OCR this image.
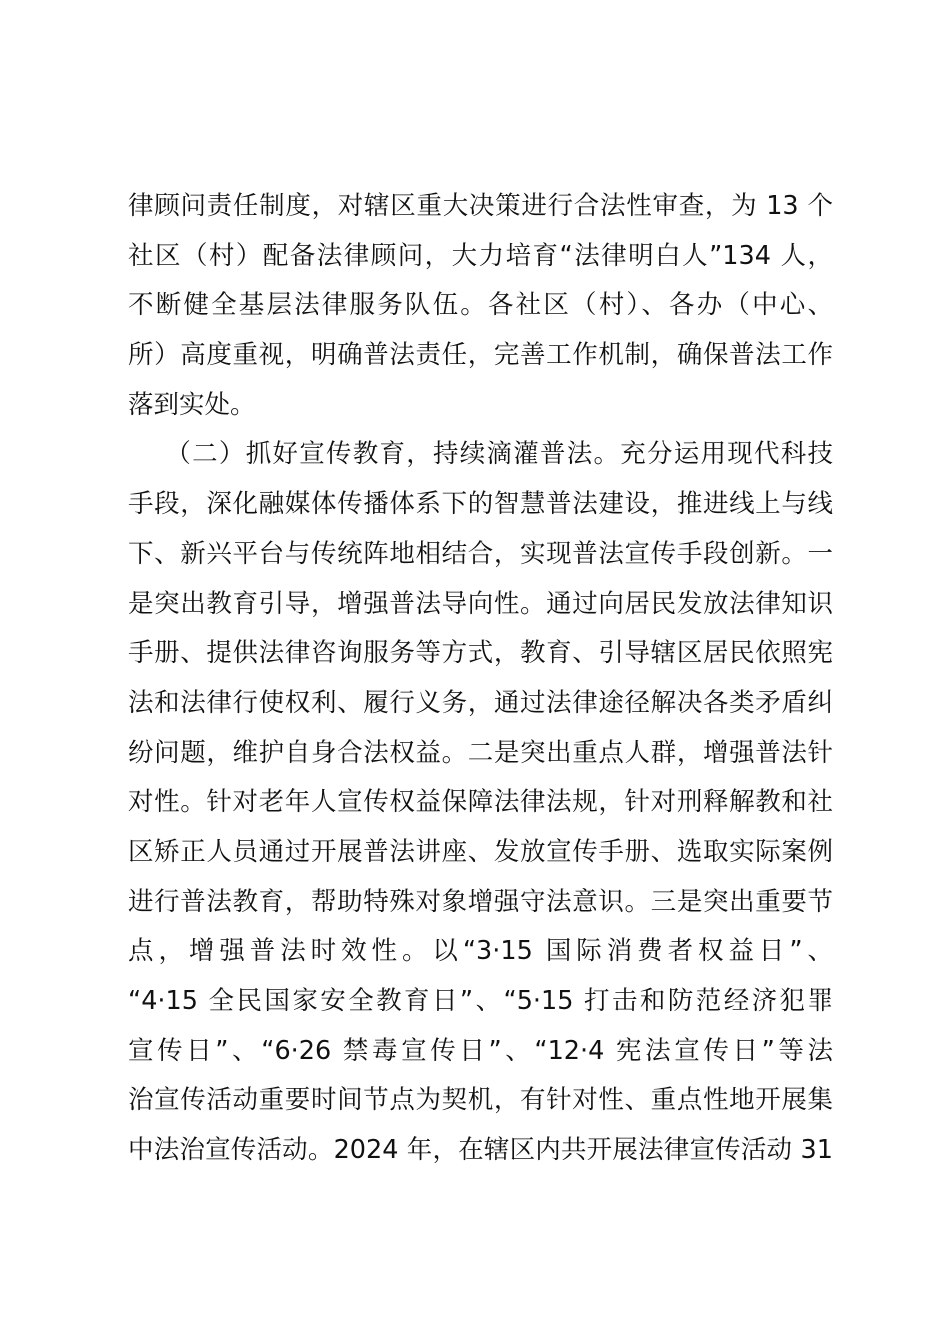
律顾问责任制度，对辖区重大决策进行合法性审查，为 13 个
社区（村）配备法律顾问，大力培育“法律明白人”134 人，
不断健全基层法律服务队伍。各社区（村）、各办（中心、
所）高度重视，明确普法责任，完善工作机制，确保普法工作
落到实处。
（二）抓好宣传教育，持续滴灌普法。充分运用现代科技
手段，深化融媒体传播体系下的智慧普法建设，推进线上与线
下、新兴平台与传统阵地相结合，实现普法宣传手段创新。一
是突出教育引导，增强普法导向性。通过向居民发放法律知识
手册、提供法律咨询服务等方式，教育、引导辖区居民依照宪
法和法律行使权利、履行义务，通过法律途径解决各类矛盾纠
纷问题，维护自身合法权益。二是突出重点人群，增强普法针
对性。针对老年人宣传权益保障法律法规，针对刑释解教和社
区矫正人员通过开展普法讲座、发放宣传手册、选取实际案例
进行普法教育，帮助特殊对象增强守法意识。三是突出重要节
点，增强普法时效性。以“3·15 国际消费者权益日”、
“4·15 全民国家安全教育日”、“5·15 打击和防范经济犯罪
宣传日”、“6·26 禁毒宣传日”、“12·4 宪法宣传日”等法
治宣传活动重要时间节点为契机，有针对性、重点性地开展集
中法治宣传活动。2024 年，在辖区内共开展法律宣传活动 31
